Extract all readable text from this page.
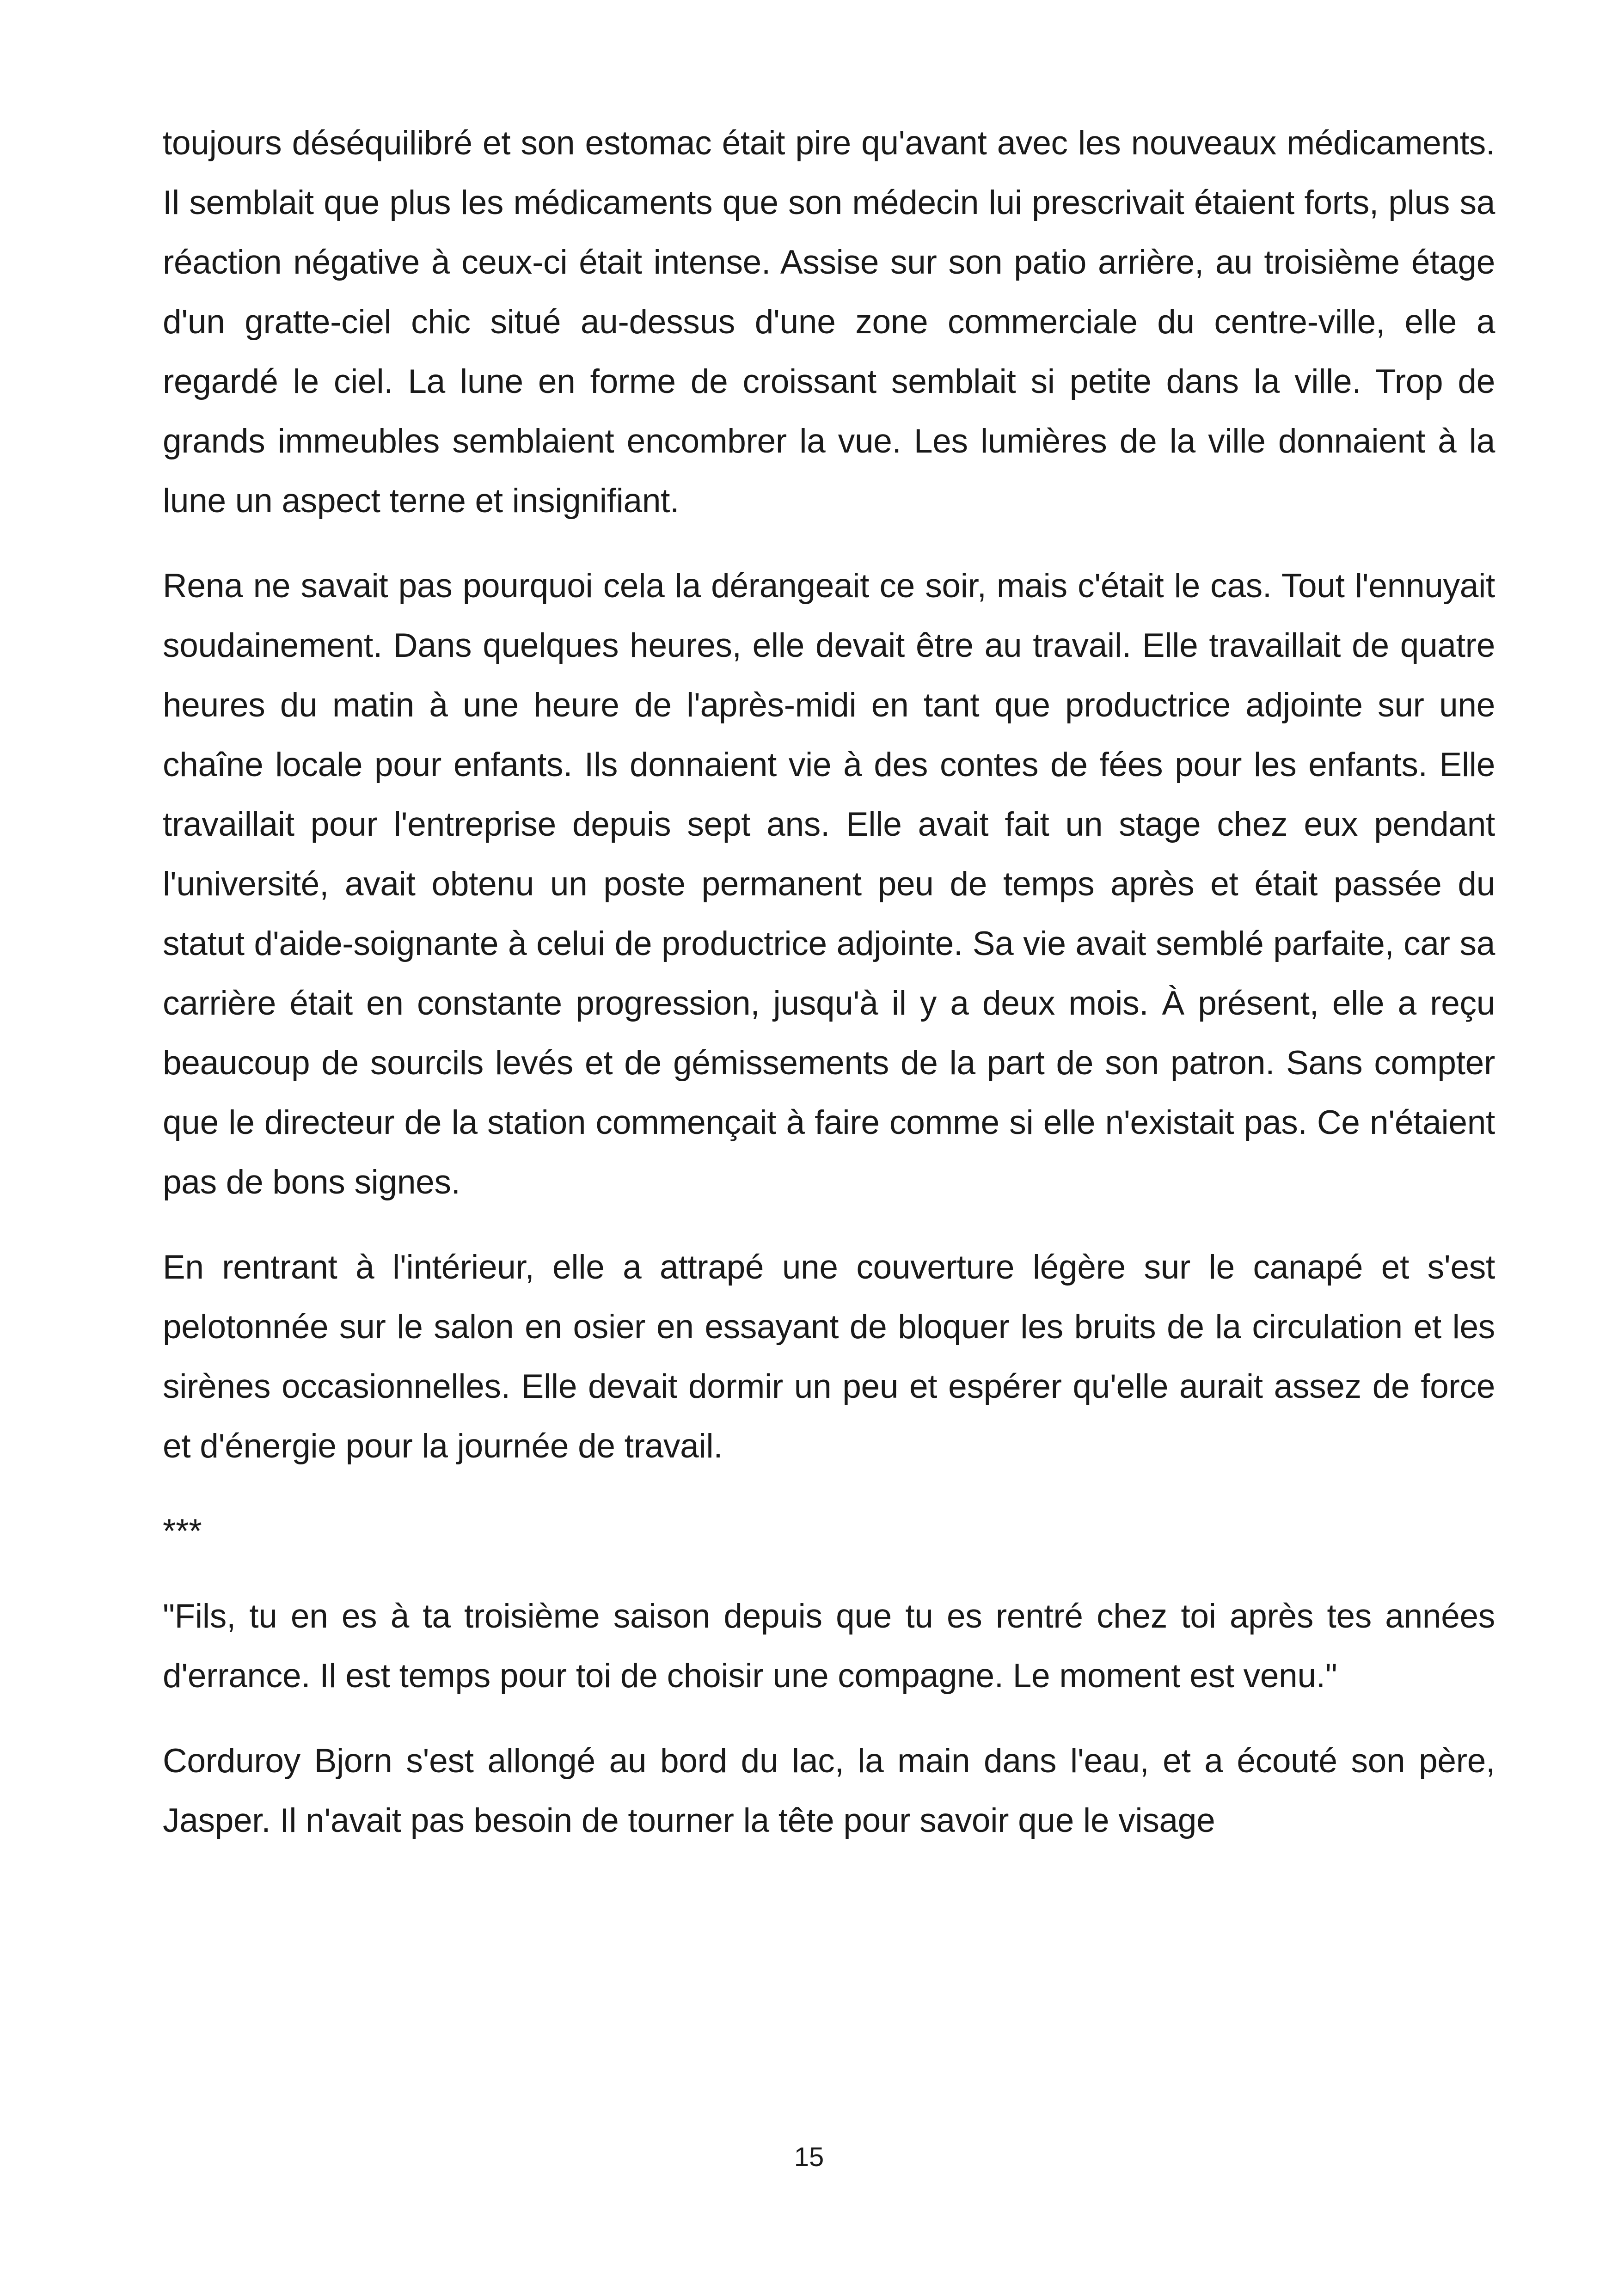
toujours déséquilibré et son estomac était pire qu'avant avec les nouveaux médicaments. Il semblait que plus les médicaments que son médecin lui prescrivait étaient forts, plus sa réaction négative à ceux-ci était intense. Assise sur son patio arrière, au troisième étage d'un gratte-ciel chic situé au-dessus d'une zone commerciale du centre-ville, elle a regardé le ciel. La lune en forme de croissant semblait si petite dans la ville. Trop de grands immeubles semblaient encombrer la vue. Les lumières de la ville donnaient à la lune un aspect terne et insignifiant.

Rena ne savait pas pourquoi cela la dérangeait ce soir, mais c'était le cas. Tout l'ennuyait soudainement. Dans quelques heures, elle devait être au travail. Elle travaillait de quatre heures du matin à une heure de l'après-midi en tant que productrice adjointe sur une chaîne locale pour enfants. Ils donnaient vie à des contes de fées pour les enfants. Elle travaillait pour l'entreprise depuis sept ans. Elle avait fait un stage chez eux pendant l'université, avait obtenu un poste permanent peu de temps après et était passée du statut d'aide-soignante à celui de productrice adjointe. Sa vie avait semblé parfaite, car sa carrière était en constante progression, jusqu'à il y a deux mois. À présent, elle a reçu beaucoup de sourcils levés et de gémissements de la part de son patron. Sans compter que le directeur de la station commençait à faire comme si elle n'existait pas. Ce n'étaient pas de bons signes.

En rentrant à l'intérieur, elle a attrapé une couverture légère sur le canapé et s'est pelotonnée sur le salon en osier en essayant de bloquer les bruits de la circulation et les sirènes occasionnelles. Elle devait dormir un peu et espérer qu'elle aurait assez de force et d'énergie pour la journée de travail.

***

"Fils, tu en es à ta troisième saison depuis que tu es rentré chez toi après tes années d'errance. Il est temps pour toi de choisir une compagne. Le moment est venu."

Corduroy Bjorn s'est allongé au bord du lac, la main dans l'eau, et a écouté son père, Jasper. Il n'avait pas besoin de tourner la tête pour savoir que le visage

15
